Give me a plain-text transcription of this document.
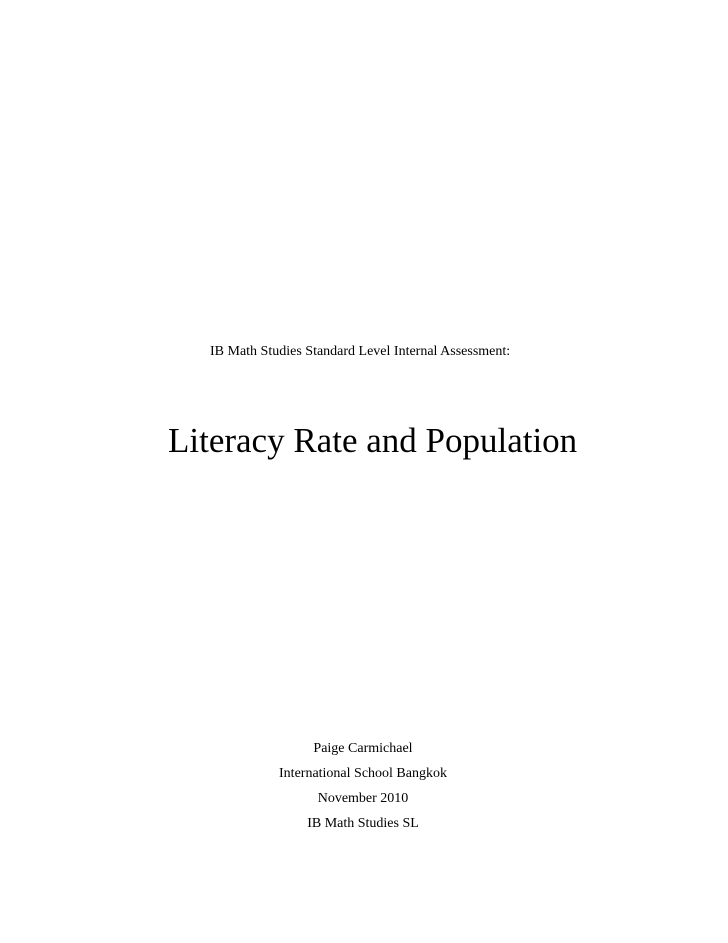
IB Math Studies Standard Level Internal Assessment:
Literacy Rate and Population
Paige Carmichael
International School Bangkok
November 2010
IB Math Studies SL
